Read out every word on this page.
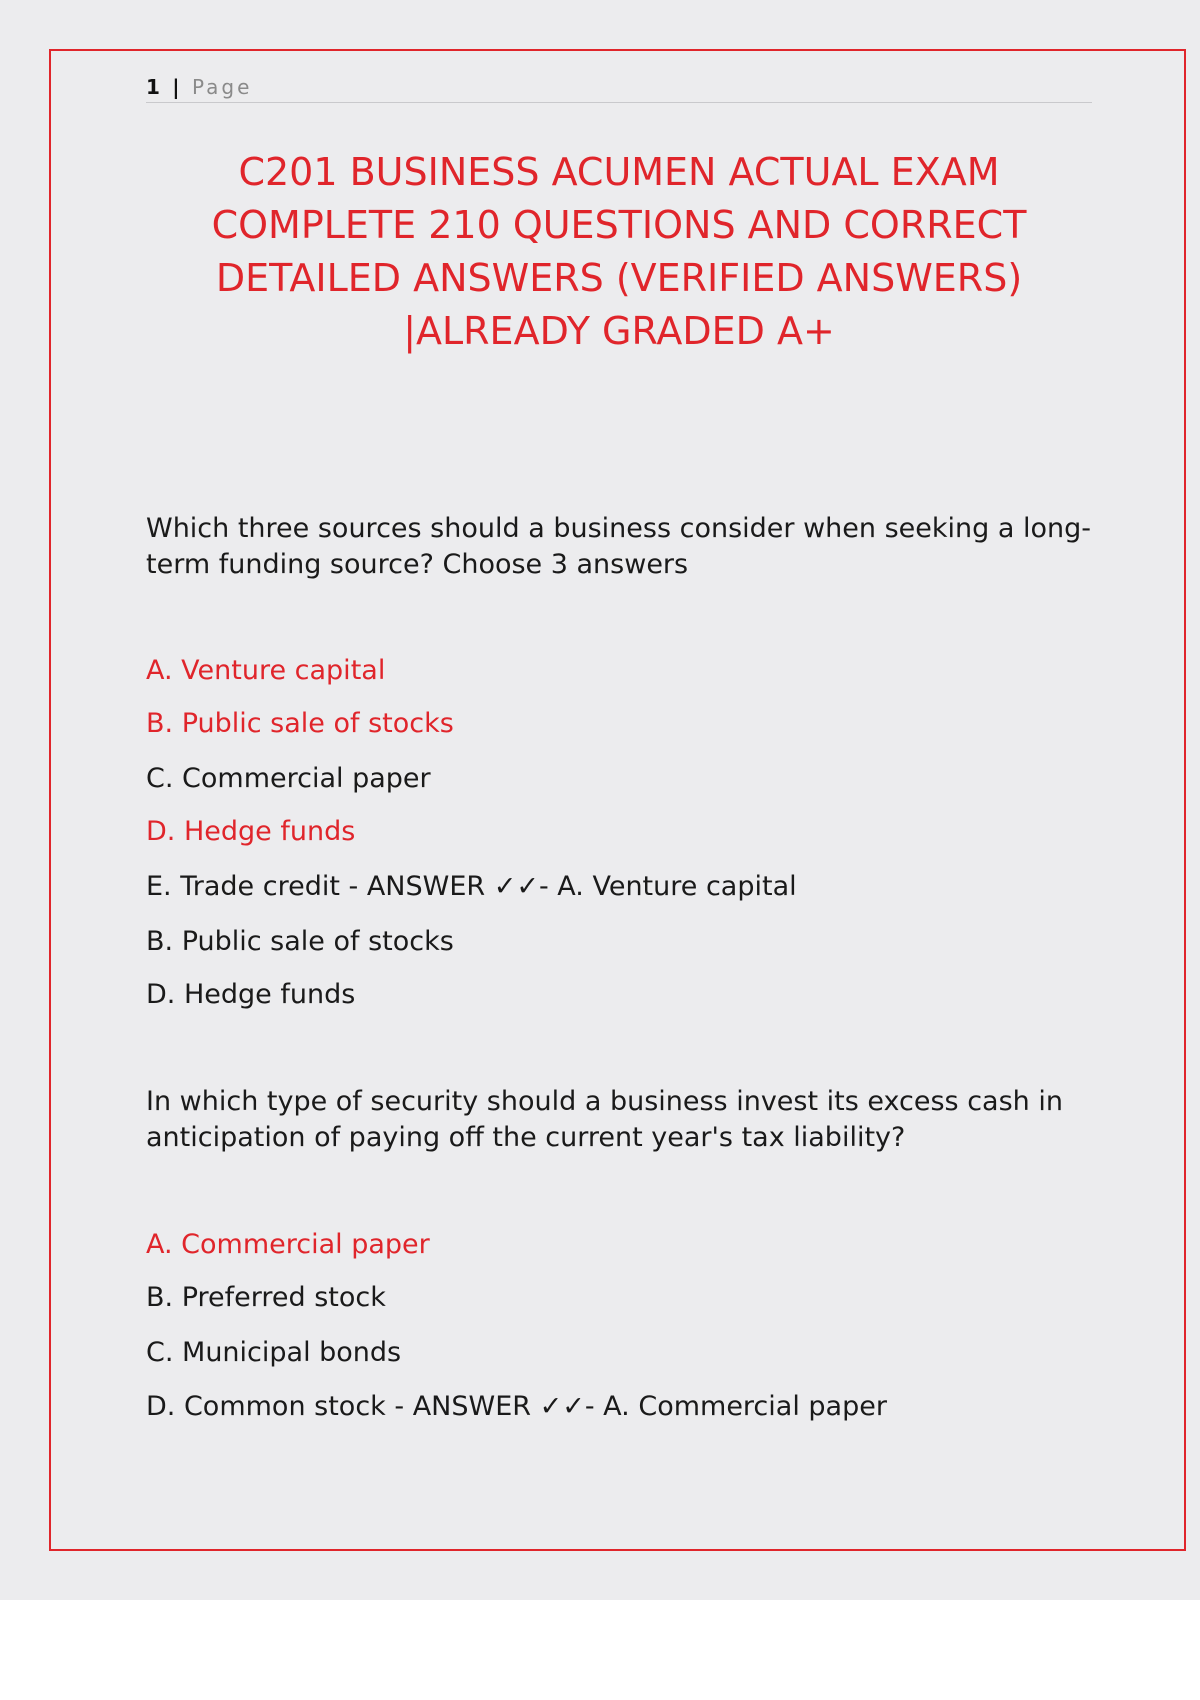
1 | Page
C201 BUSINESS ACUMEN ACTUAL EXAM
COMPLETE 210 QUESTIONS AND CORRECT
DETAILED ANSWERS (VERIFIED ANSWERS)
|ALREADY GRADED A+
Which three sources should a business consider when seeking a long-term funding source? Choose 3 answers
A. Venture capital
B. Public sale of stocks
C. Commercial paper
D. Hedge funds
E. Trade credit - ANSWER ✓✓- A. Venture capital
B. Public sale of stocks
D. Hedge funds
In which type of security should a business invest its excess cash in anticipation of paying off the current year's tax liability?
A. Commercial paper
B. Preferred stock
C. Municipal bonds
D. Common stock - ANSWER ✓✓- A. Commercial paper
